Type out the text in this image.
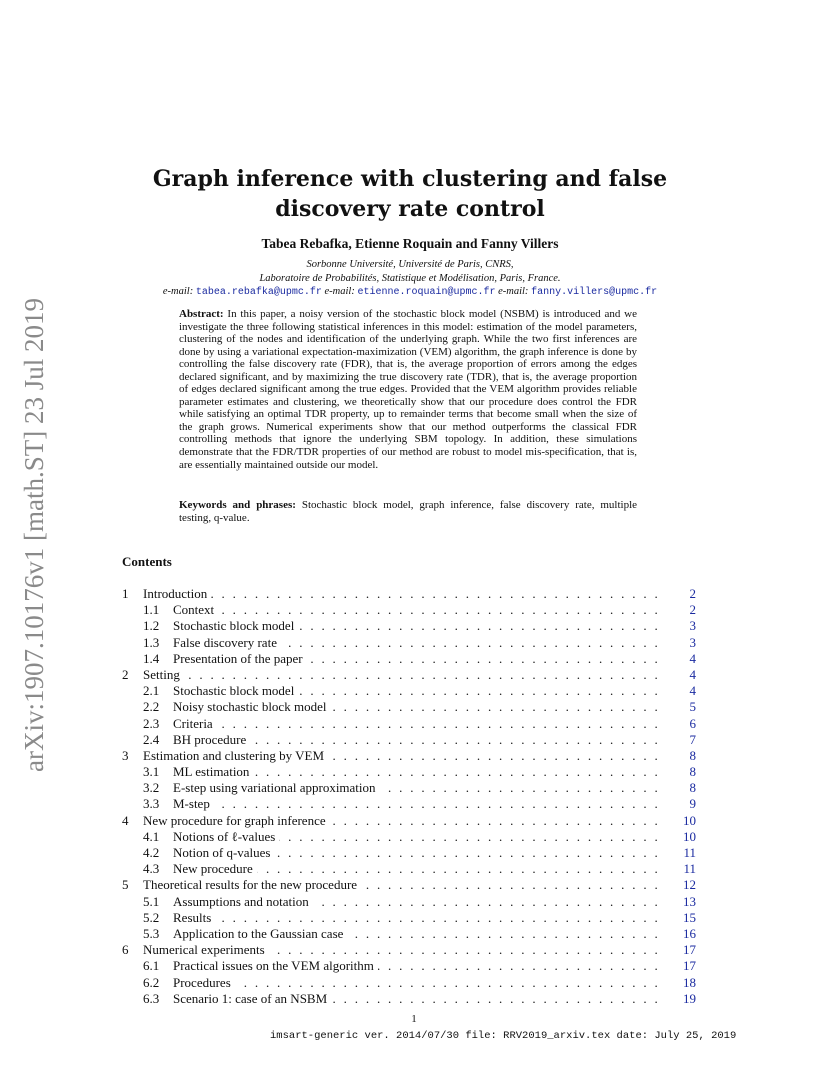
arXiv:1907.10176v1 [math.ST] 23 Jul 2019
Graph inference with clustering and false
discovery rate control
Tabea Rebafka, Etienne Roquain and Fanny Villers
Sorbonne Université, Université de Paris, CNRS,
Laboratoire de Probabilités, Statistique et Modélisation, Paris, France.
e-mail: tabea.rebafka@upmc.fr e-mail: etienne.roquain@upmc.fr e-mail: fanny.villers@upmc.fr
Abstract: In this paper, a noisy version of the stochastic block model (NSBM) is introduced and we investigate the three following statistical inferences in this model: estimation of the model parameters, clustering of the nodes and identification of the underlying graph. While the two first inferences are done by using a variational expectation-maximization (VEM) algorithm, the graph inference is done by controlling the false discovery rate (FDR), that is, the average proportion of errors among the edges declared significant, and by maximizing the true discovery rate (TDR), that is, the average proportion of edges declared significant among the true edges. Provided that the VEM algorithm provides reliable parameter estimates and clustering, we theoretically show that our procedure does control the FDR while satisfying an optimal TDR property, up to remainder terms that become small when the size of the graph grows. Numerical experiments show that our method outperforms the classical FDR controlling methods that ignore the underlying SBM topology. In addition, these simulations demonstrate that the FDR/TDR properties of our method are robust to model mis-specification, that is, are essentially maintained outside our model.
Keywords and phrases: Stochastic block model, graph inference, false discovery rate, multiple testing, q-value.
Contents
1 Introduction . . .	2
1.1 Context . . .	2
1.2 Stochastic block model . . .	3
1.3 False discovery rate . . .	3
1.4 Presentation of the paper . . .	4
2 Setting . . .	4
2.1 Stochastic block model . . .	4
2.2 Noisy stochastic block model . . .	5
2.3 Criteria . . .	6
2.4 BH procedure . . .	7
3 Estimation and clustering by VEM . . .	8
3.1 ML estimation . . .	8
3.2 E-step using variational approximation . . .	8
3.3 M-step . . .	9
4 New procedure for graph inference . . .	10
4.1 Notions of ℓ-values . . .	10
4.2 Notion of q-values . . .	11
4.3 New procedure . . .	11
5 Theoretical results for the new procedure . . .	12
5.1 Assumptions and notation . . .	13
5.2 Results . . .	15
5.3 Application to the Gaussian case . . .	16
6 Numerical experiments . . .	17
6.1 Practical issues on the VEM algorithm . . .	17
6.2 Procedures . . .	18
6.3 Scenario 1: case of an NSBM . . .	19
1
imsart-generic ver. 2014/07/30 file: RRV2019_arxiv.tex date: July 25, 2019
